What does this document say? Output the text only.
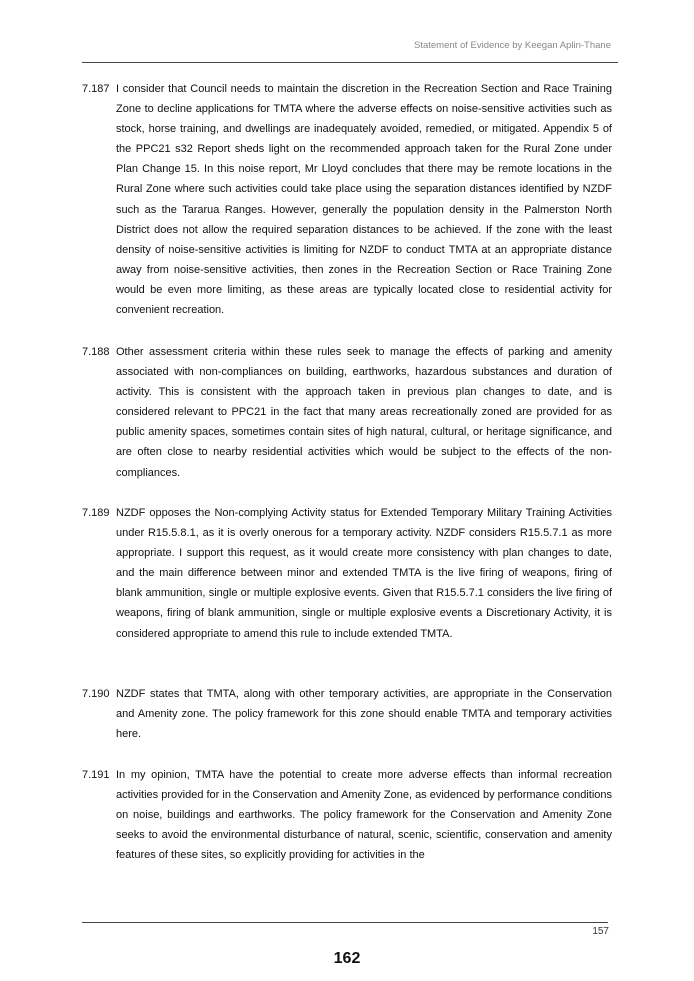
Statement of Evidence by Keegan Aplin-Thane
7.187 I consider that Council needs to maintain the discretion in the Recreation Section and Race Training Zone to decline applications for TMTA where the adverse effects on noise-sensitive activities such as stock, horse training, and dwellings are inadequately avoided, remedied, or mitigated. Appendix 5 of the PPC21 s32 Report sheds light on the recommended approach taken for the Rural Zone under Plan Change 15. In this noise report, Mr Lloyd concludes that there may be remote locations in the Rural Zone where such activities could take place using the separation distances identified by NZDF such as the Tararua Ranges. However, generally the population density in the Palmerston North District does not allow the required separation distances to be achieved. If the zone with the least density of noise-sensitive activities is limiting for NZDF to conduct TMTA at an appropriate distance away from noise-sensitive activities, then zones in the Recreation Section or Race Training Zone would be even more limiting, as these areas are typically located close to residential activity for convenient recreation.
7.188 Other assessment criteria within these rules seek to manage the effects of parking and amenity associated with non-compliances on building, earthworks, hazardous substances and duration of activity. This is consistent with the approach taken in previous plan changes to date, and is considered relevant to PPC21 in the fact that many areas recreationally zoned are provided for as public amenity spaces, sometimes contain sites of high natural, cultural, or heritage significance, and are often close to nearby residential activities which would be subject to the effects of the non-compliances.
7.189 NZDF opposes the Non-complying Activity status for Extended Temporary Military Training Activities under R15.5.8.1, as it is overly onerous for a temporary activity. NZDF considers R15.5.7.1 as more appropriate. I support this request, as it would create more consistency with plan changes to date, and the main difference between minor and extended TMTA is the live firing of weapons, firing of blank ammunition, single or multiple explosive events. Given that R15.5.7.1 considers the live firing of weapons, firing of blank ammunition, single or multiple explosive events a Discretionary Activity, it is considered appropriate to amend this rule to include extended TMTA.
7.190 NZDF states that TMTA, along with other temporary activities, are appropriate in the Conservation and Amenity zone. The policy framework for this zone should enable TMTA and temporary activities here.
7.191 In my opinion, TMTA have the potential to create more adverse effects than informal recreation activities provided for in the Conservation and Amenity Zone, as evidenced by performance conditions on noise, buildings and earthworks. The policy framework for the Conservation and Amenity Zone seeks to avoid the environmental disturbance of natural, scenic, scientific, conservation and amenity features of these sites, so explicitly providing for activities in the
157
162
